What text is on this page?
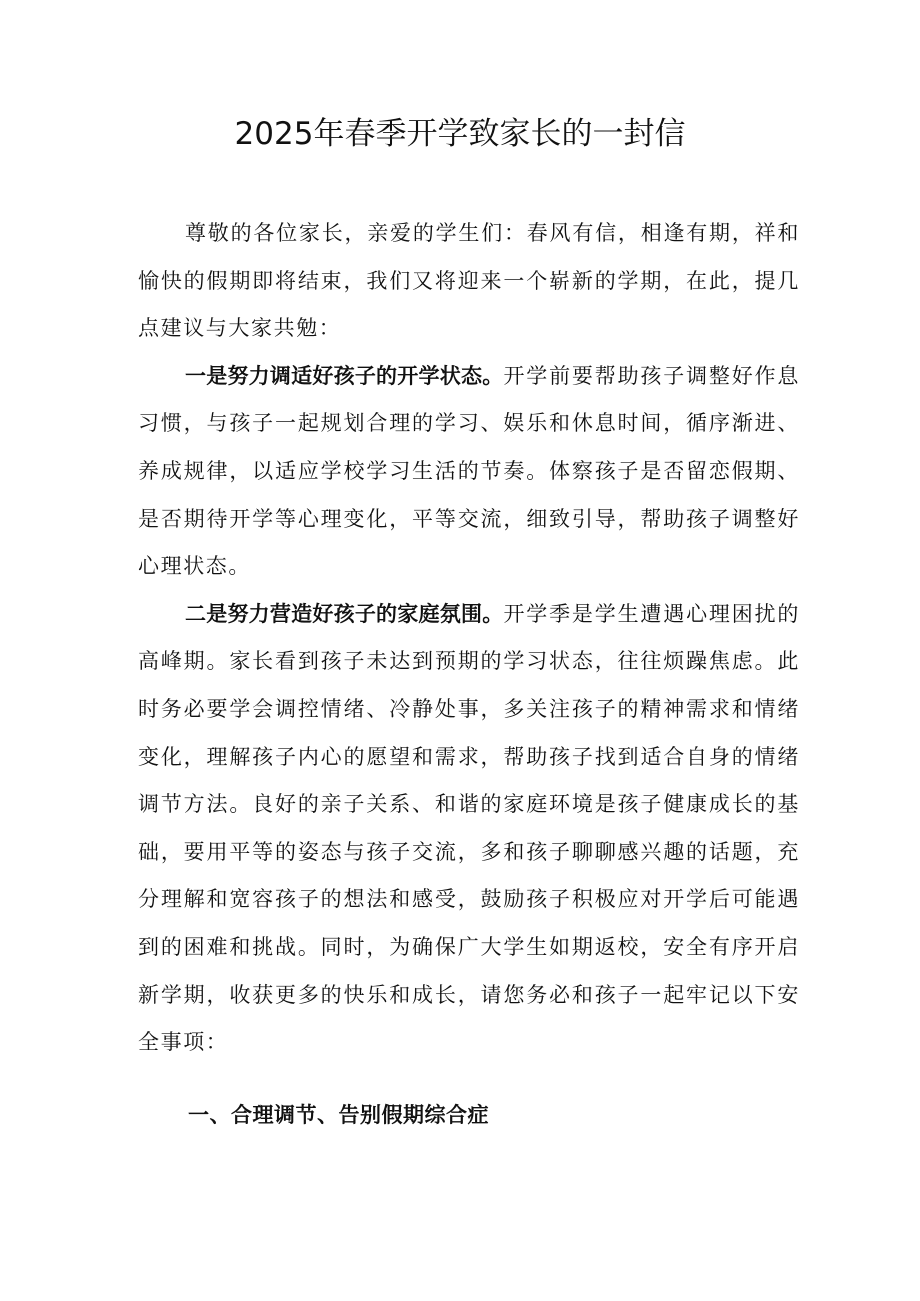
2025年春季开学致家长的一封信

尊敬的各位家长，亲爱的学生们：春风有信，相逢有期，祥和愉快的假期即将结束，我们又将迎来一个崭新的学期，在此，提几点建议与大家共勉：

一是努力调适好孩子的开学状态。开学前要帮助孩子调整好作息习惯，与孩子一起规划合理的学习、娱乐和休息时间，循序渐进、养成规律，以适应学校学习生活的节奏。体察孩子是否留恋假期、是否期待开学等心理变化，平等交流，细致引导，帮助孩子调整好心理状态。

二是努力营造好孩子的家庭氛围。开学季是学生遭遇心理困扰的高峰期。家长看到孩子未达到预期的学习状态，往往烦躁焦虑。此时务必要学会调控情绪、冷静处事，多关注孩子的精神需求和情绪变化，理解孩子内心的愿望和需求，帮助孩子找到适合自身的情绪调节方法。良好的亲子关系、和谐的家庭环境是孩子健康成长的基础，要用平等的姿态与孩子交流，多和孩子聊聊感兴趣的话题，充分理解和宽容孩子的想法和感受，鼓励孩子积极应对开学后可能遇到的困难和挑战。同时，为确保广大学生如期返校，安全有序开启新学期，收获更多的快乐和成长，请您务必和孩子一起牢记以下安全事项：

一、合理调节、告别假期综合症
